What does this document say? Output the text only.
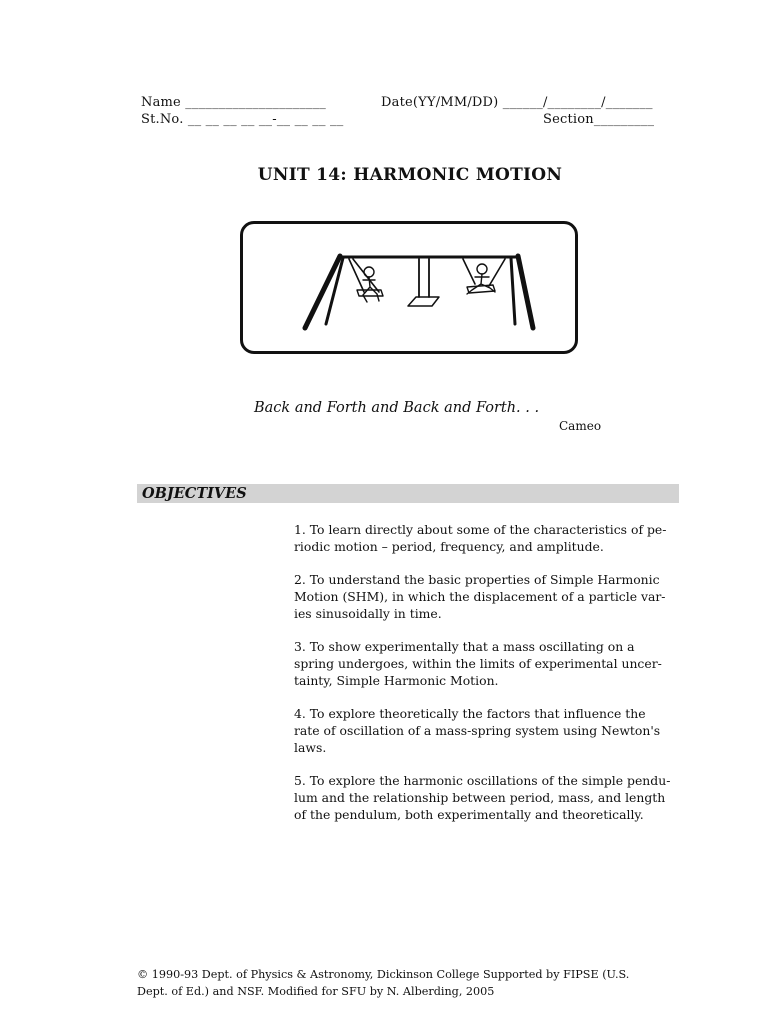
Name _____________________	Date(YY/MM/DD) ______/________/_______
St.No. __ __ __ __ __-__ __ __ __	Section_________
UNIT 14: HARMONIC MOTION
Back and Forth and Back and Forth. . .
Cameo
OBJECTIVES
1. To learn directly about some of the characteristics of pe-
riodic motion – period, frequency, and amplitude.
2. To understand the basic properties of Simple Harmonic
Motion (SHM), in which the displacement of a particle var-
ies sinusoidally in time.
3. To show experimentally that a mass oscillating on a
spring undergoes, within the limits of experimental uncer-
tainty, Simple Harmonic Motion.
4. To explore theoretically the factors that influence the
rate of oscillation of a mass-spring system using Newton's
laws.
5. To explore the harmonic oscillations of the simple pendu-
lum and the relationship between period, mass, and length
of the pendulum, both experimentally and theoretically.
© 1990-93 Dept. of Physics & Astronomy, Dickinson College Supported by FIPSE (U.S.
Dept. of Ed.) and NSF. Modified for SFU by N. Alberding, 2005
